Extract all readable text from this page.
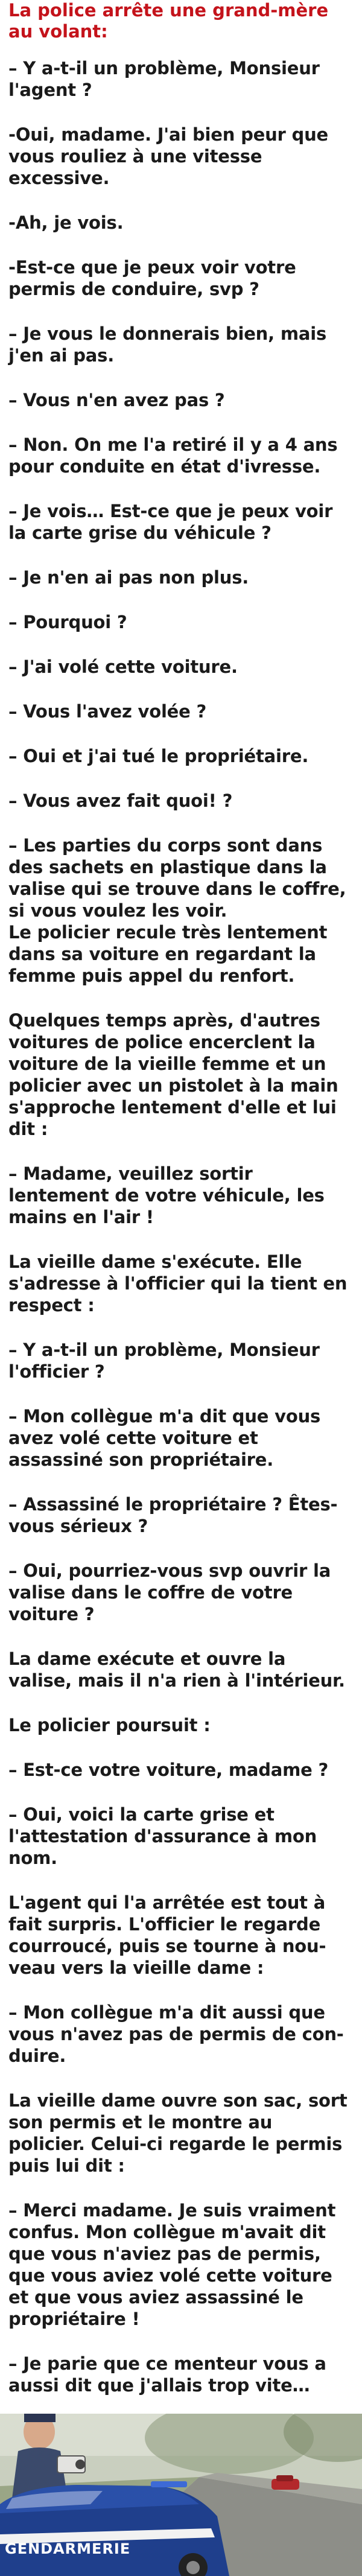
La police arrête une grand-mère au volant:

– Y a-t-il un problème, Monsieur l'agent ?

-Oui, madame. J'ai bien peur que vous rouliez à une vitesse excessive.

-Ah, je vois.

-Est-ce que je peux voir votre permis de conduire, svp ?

– Je vous le donnerais bien, mais j'en ai pas.

– Vous n'en avez pas ?

– Non. On me l'a retiré il y a 4 ans pour conduite en état d'ivresse.

– Je vois… Est-ce que je peux voir la carte grise du véhicule ?

– Je n'en ai pas non plus.

– Pourquoi ?

– J'ai volé cette voiture.

– Vous l'avez volée ?

– Oui et j'ai tué le propriétaire.

– Vous avez fait quoi! ?

– Les parties du corps sont dans des sachets en plastique dans la valise qui se trouve dans le coffre, si vous voulez les voir.

Le policier recule très lentement dans sa voiture en regardant la femme puis appel du renfort.

Quelques temps après, d'autres voitures de police encerclent la voiture de la vieille femme et un policier avec un pistolet à la main s'approche lentement d'elle et lui dit :

– Madame, veuillez sortir lentement de votre véhicule, les mains en l'air !

La vieille dame s'exécute. Elle s'adresse à l'officier qui la tient en respect :

– Y a-t-il un problème, Monsieur l'officier ?

– Mon collègue m'a dit que vous avez volé cette voiture et assassiné son propriétaire.

– Assassiné le propriétaire ? Êtes-vous sérieux ?

– Oui, pourriez-vous svp ouvrir la valise dans le coffre de votre voiture ?

La dame exécute et ouvre la valise, mais il n'a rien à l'intérieur.

Le policier poursuit :

– Est-ce votre voiture, madame ?

– Oui, voici la carte grise et l'attestation d'assurance à mon nom.

L'agent qui l'a arrêtée est tout à fait surpris. L'officier le regarde courroucé, puis se tourne à nou-veau vers la vieille dame :

– Mon collègue m'a dit aussi que vous n'avez pas de permis de con-duire.

La vieille dame ouvre son sac, sort son permis et le montre au policier. Celui-ci regarde le permis puis lui dit :

– Merci madame. Je suis vraiment confus. Mon collègue m'avait dit que vous n'aviez pas de permis, que vous aviez volé cette voiture et que vous aviez assassiné le propriétaire !

– Je parie que ce menteur vous a aussi dit que j'allais trop vite…

GENDARMERIE
